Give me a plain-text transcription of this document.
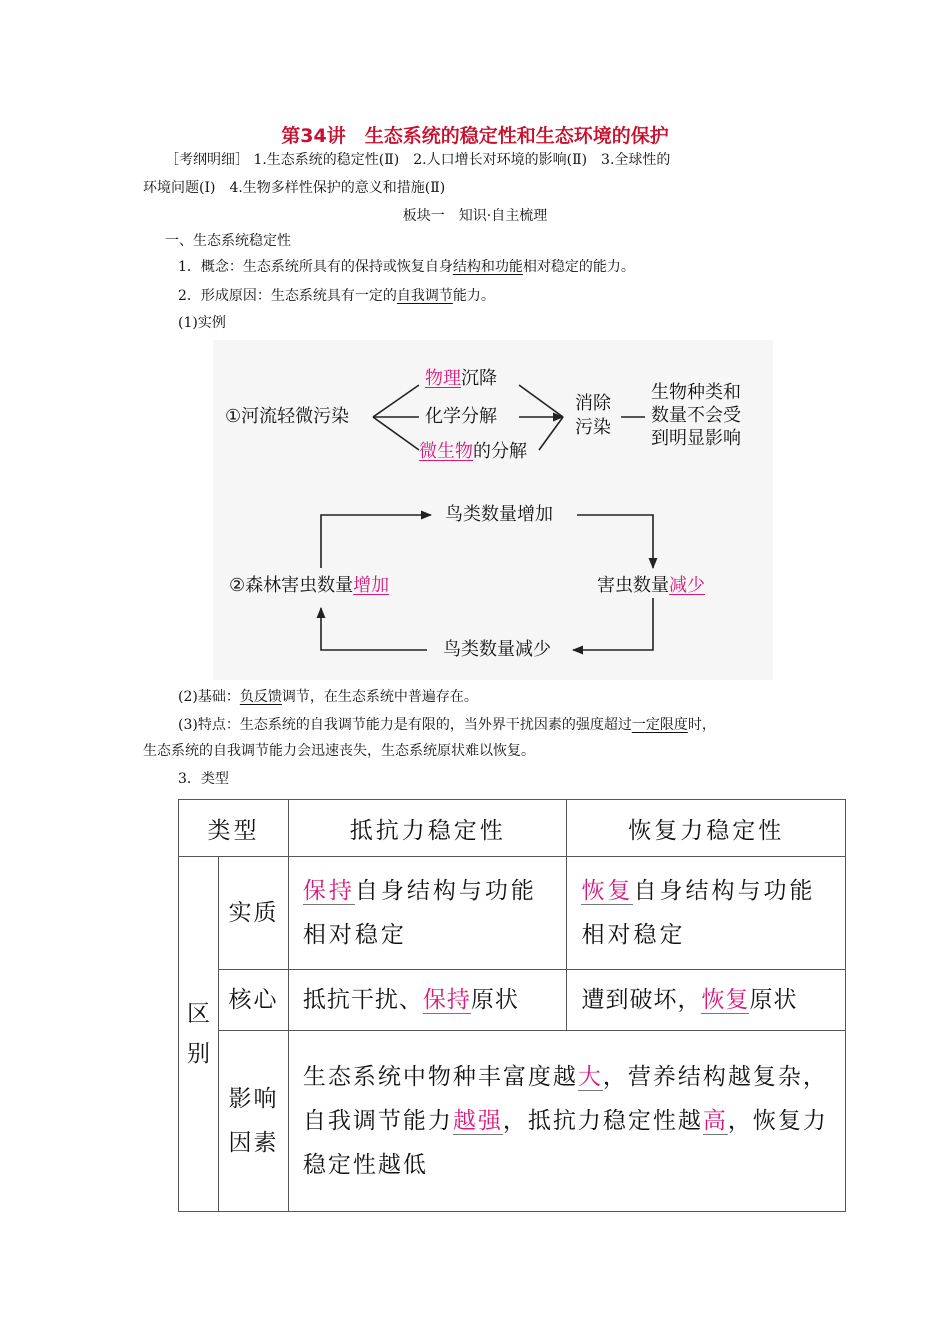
第34讲　生态系统的稳定性和生态环境的保护
［考纲明细］ 1.生态系统的稳定性(Ⅱ)　2.人口增长对环境的影响(Ⅱ)　3.全球性的
环境问题(Ⅰ)　4.生物多样性保护的意义和措施(Ⅱ)
板块一　知识·自主梳理
一、生态系统稳定性
1．概念：生态系统所具有的保持或恢复自身结构和功能相对稳定的能力。
2．形成原因：生态系统具有一定的自我调节能力。
(1)实例
①河流轻微污染
物理沉降
化学分解
微生物的分解
消除
污染
生物种类和
数量不会受
到明显影响
鸟类数量增加
②森林害虫数量增加	害虫数量减少
鸟类数量减少
(2)基础：负反馈调节，在生态系统中普遍存在。
(3)特点：生态系统的自我调节能力是有限的，当外界干扰因素的强度超过一定限度时，
生态系统的自我调节能力会迅速丧失，生态系统原状难以恢复。
3．类型
类型		抵抗力稳定性	恢复力稳定性

区别	实质	保持自身结构与功能相对稳定	恢复自身结构与功能相对稳定

	核心	抵抗干扰、保持原状	遭到破坏，恢复原状

	影响因素	生态系统中物种丰富度越大，营养结构越复杂，自我调节能力越强，抵抗力稳定性越高，恢复力稳定性越低	
